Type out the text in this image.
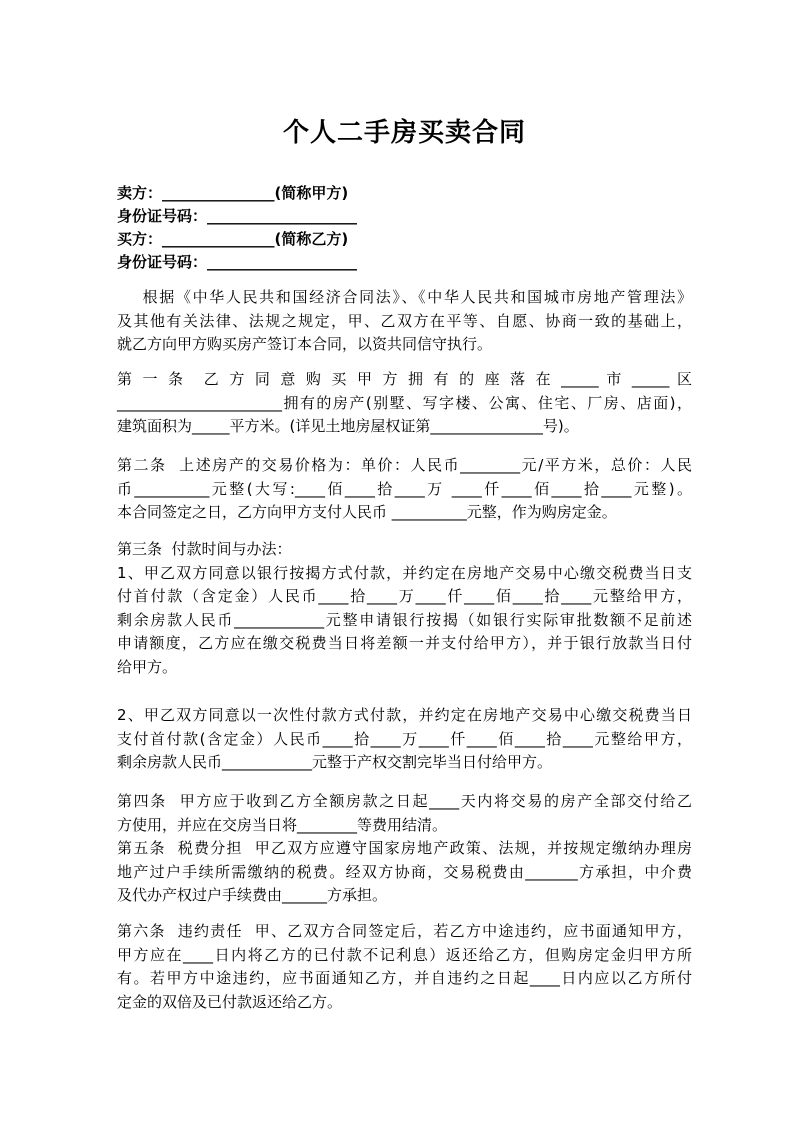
个人二手房买卖合同
卖方：_______________(简称甲方)
身份证号码：____________________
买方：_______________(简称乙方)
身份证号码：____________________
根据《中华人民共和国经济合同法》、《中华人民共和国城市房地产管理法》
及其他有关法律、法规之规定，甲、乙双方在平等、自愿、协商一致的基础上，
就乙方向甲方购买房产签订本合同，以资共同信守执行。
第 一 条　乙 方 同 意 购 买 甲 方 拥 有 的 座 落 在 _____ 市 _____ 区
______________________拥有的房产(别墅、写字楼、公寓、住宅、厂房、店面)，
建筑面积为_____平方米。(详见土地房屋权证第_______________号)。
第二条  上述房产的交易价格为：单价：人民币________元/平方米，总价：人民
币__________元整(大写:____佰____拾____万 ____仟____佰____拾____元整)。
本合同签定之日，乙方向甲方支付人民币 __________元整，作为购房定金。
第三条  付款时间与办法：
1、甲乙双方同意以银行按揭方式付款，并约定在房地产交易中心缴交税费当日支
付首付款（含定金）人民币____拾____万____仟____佰____拾____元整给甲方，
剩余房款人民币____________元整申请银行按揭（如银行实际审批数额不足前述
申请额度，乙方应在缴交税费当日将差额一并支付给甲方），并于银行放款当日付
给甲方。
2、甲乙双方同意以一次性付款方式付款，并约定在房地产交易中心缴交税费当日
支付首付款(含定金）人民币____拾____万____仟____佰____拾____元整给甲方，
剩余房款人民币____________元整于产权交割完毕当日付给甲方。
第四条  甲方应于收到乙方全额房款之日起____天内将交易的房产全部交付给乙
方使用，并应在交房当日将________等费用结清。
第五条  税费分担  甲乙双方应遵守国家房地产政策、法规，并按规定缴纳办理房
地产过户手续所需缴纳的税费。经双方协商，交易税费由_______方承担，中介费
及代办产权过户手续费由______方承担。
第六条  违约责任  甲、乙双方合同签定后，若乙方中途违约，应书面通知甲方，
甲方应在____日内将乙方的已付款不记利息）返还给乙方，但购房定金归甲方所
有。若甲方中途违约，应书面通知乙方，并自违约之日起____日内应以乙方所付
定金的双倍及已付款返还给乙方。
